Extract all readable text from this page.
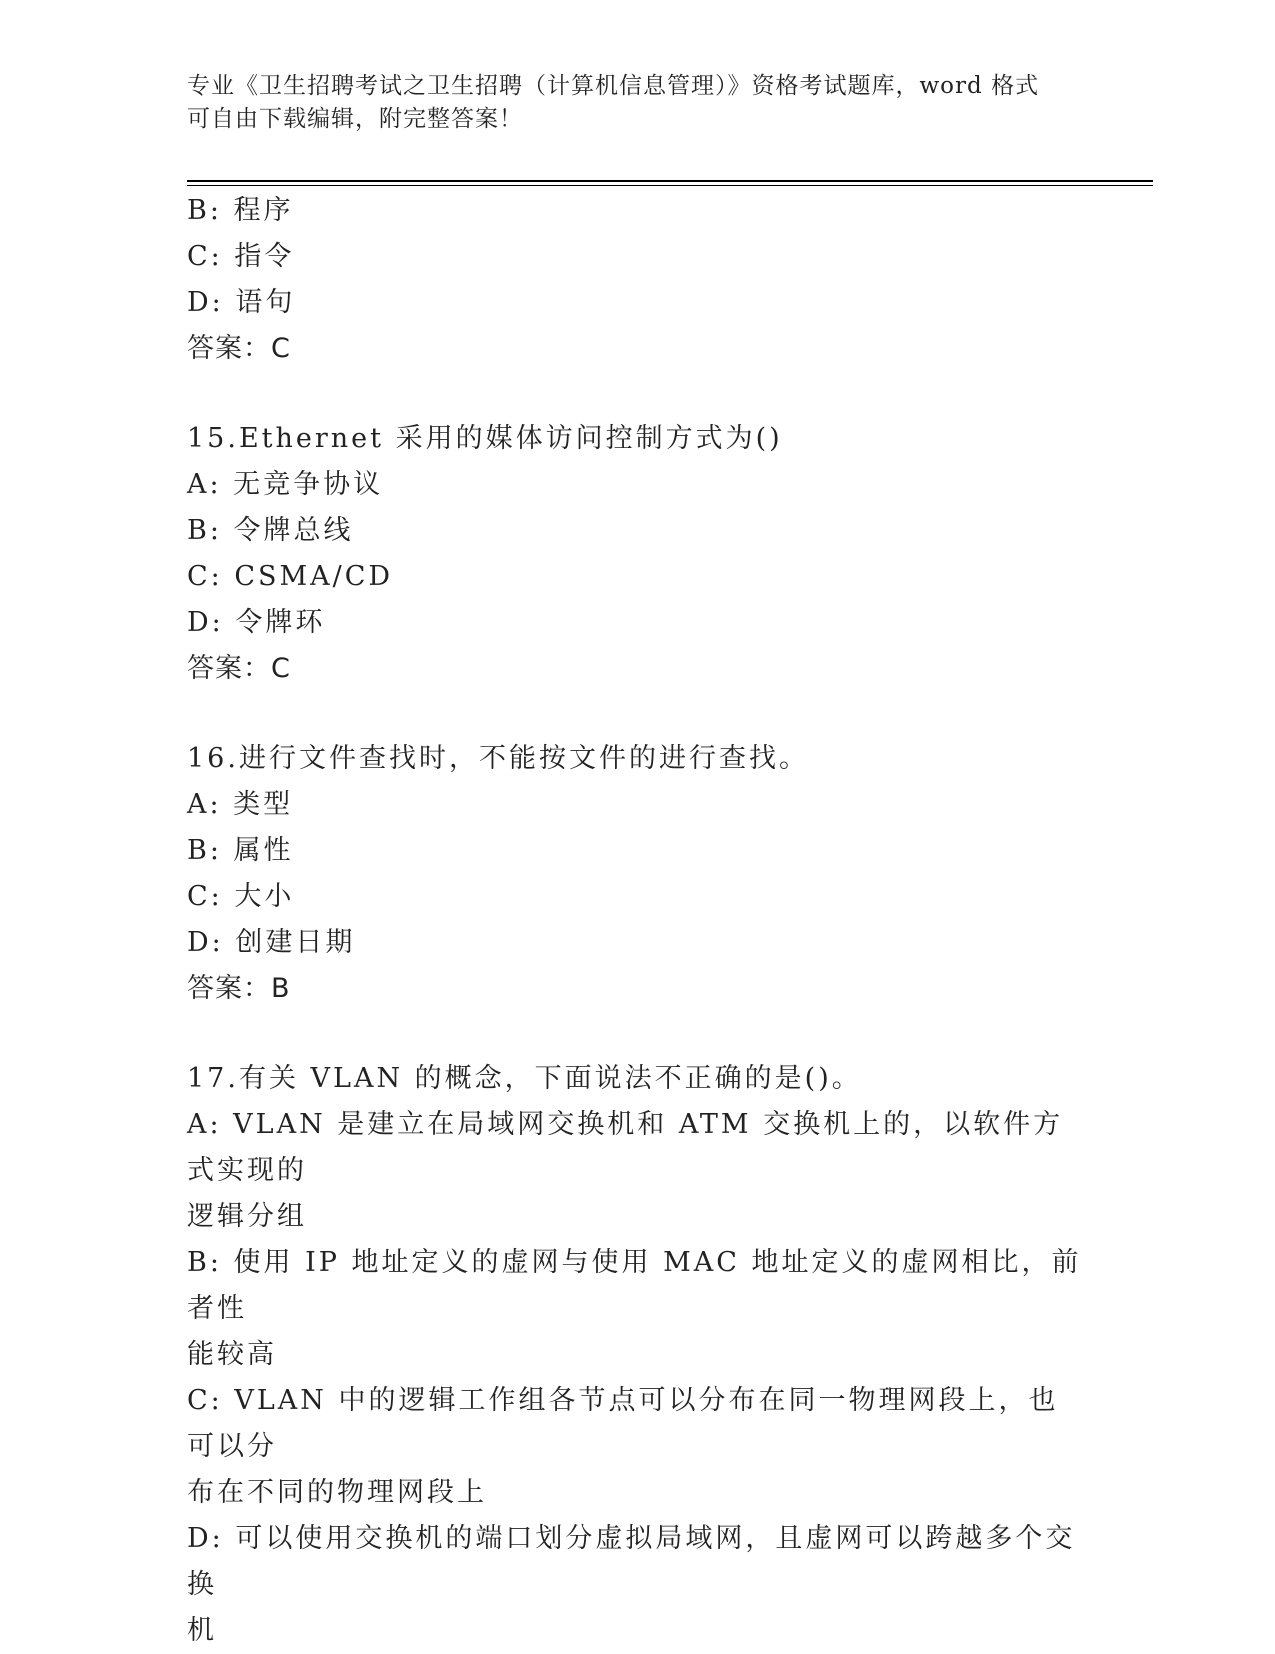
专业《卫生招聘考试之卫生招聘（计算机信息管理）》资格考试题库，word 格式
可自由下载编辑，附完整答案！
B: 程序
C: 指令
D: 语句
答案：C
15.Ethernet 采用的媒体访问控制方式为()
A: 无竞争协议
B: 令牌总线
C: CSMA/CD
D: 令牌环
答案：C
16.进行文件查找时，不能按文件的进行查找。
A: 类型
B: 属性
C: 大小
D: 创建日期
答案：B
17.有关 VLAN 的概念，下面说法不正确的是()。
A: VLAN 是建立在局域网交换机和 ATM 交换机上的，以软件方式实现的
逻辑分组
B: 使用 IP 地址定义的虚网与使用 MAC 地址定义的虚网相比，前者性
能较高
C: VLAN 中的逻辑工作组各节点可以分布在同一物理网段上，也可以分
布在不同的物理网段上
D: 可以使用交换机的端口划分虚拟局域网，且虚网可以跨越多个交换
机
